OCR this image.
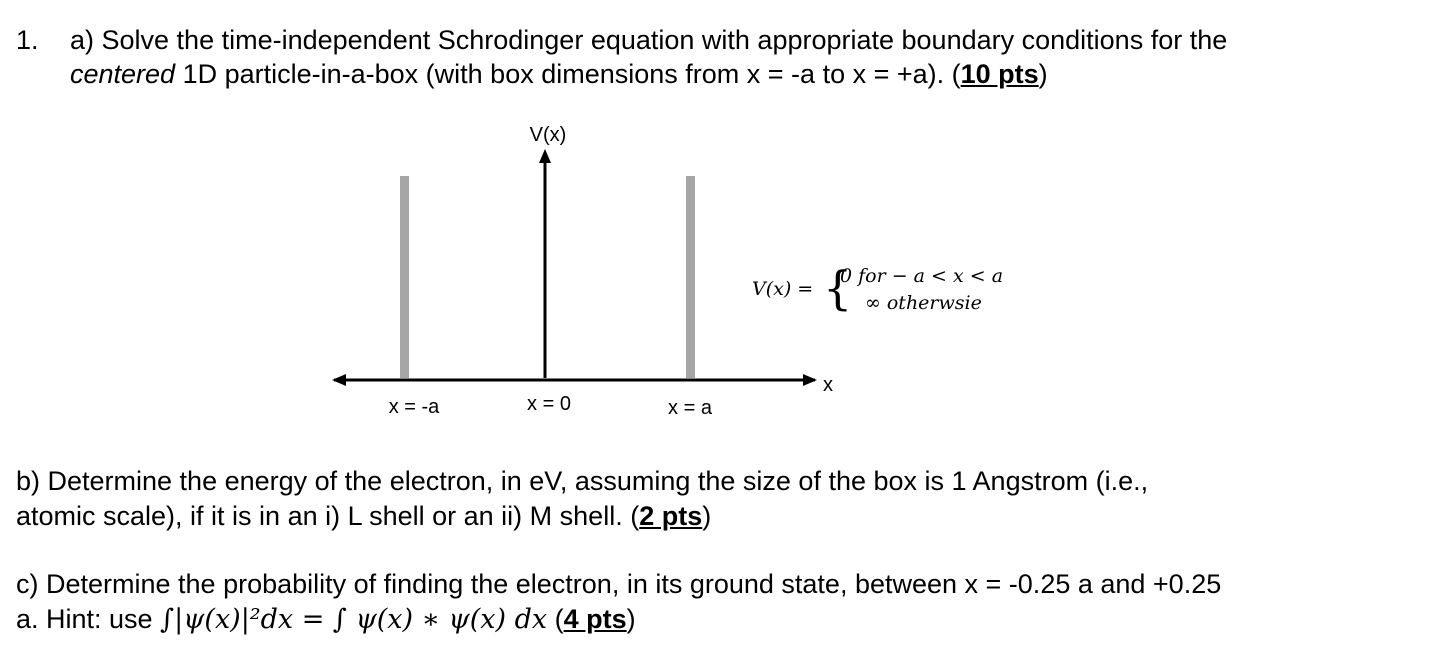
1. a) Solve the time-independent Schrodinger equation with appropriate boundary conditions for the
centered 1D particle-in-a-box (with box dimensions from x = -a to x = +a). (10 pts)
V(x)
x
x = -a	x = 0	x = a
V(x) = {
0 for − a < x < a
∞ otherwsie
b) Determine the energy of the electron, in eV, assuming the size of the box is 1 Angstrom (i.e.,
atomic scale), if it is in an i) L shell or an ii) M shell. (2 pts)
c) Determine the probability of finding the electron, in its ground state, between x = -0.25 a and +0.25
a. Hint: use ∫|ψ(x)|²dx = ∫ ψ(x) ∗ ψ(x) dx (4 pts)
